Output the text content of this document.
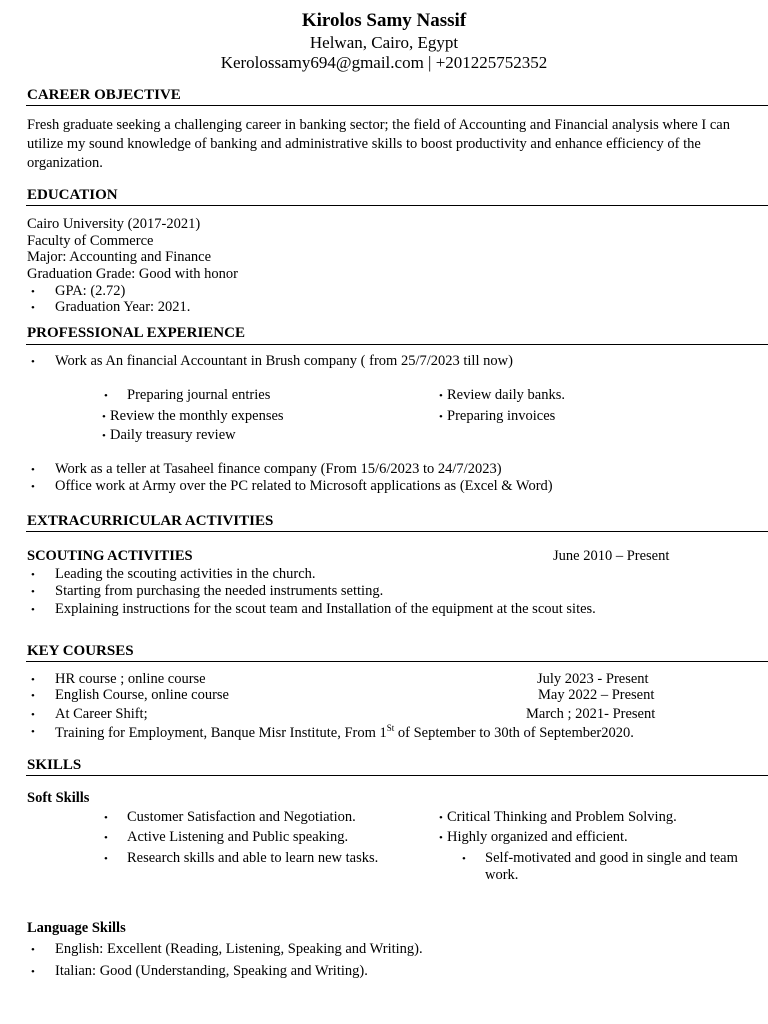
Kirolos Samy Nassif
Helwan, Cairo, Egypt
Kerolossamy694@gmail.com | +201225752352
CAREER OBJECTIVE
Fresh graduate seeking a challenging career in banking sector; the field of Accounting and Financial analysis where I can utilize my sound knowledge of banking and administrative skills to boost productivity and enhance efficiency of the organization.
EDUCATION
Cairo University (2017-2021)
Faculty of Commerce
Major: Accounting and Finance
Graduation Grade: Good with honor
• GPA: (2.72)
• Graduation Year: 2021.
PROFESSIONAL EXPERIENCE
• Work as An financial Accountant in Brush company ( from 25/7/2023 till now)
• Preparing journal entries
• Review the monthly expenses
• Daily treasury review
• Review daily banks.
• Preparing invoices
• Work as a teller at Tasaheel finance company (From 15/6/2023 to 24/7/2023)
• Office work at Army over the PC related to Microsoft applications as (Excel & Word)
EXTRACURRICULAR ACTIVITIES
SCOUTING ACTIVITIES	June 2010 – Present
• Leading the scouting activities in the church.
• Starting from purchasing the needed instruments setting.
• Explaining instructions for the scout team and Installation of the equipment at the scout sites.
KEY COURSES
• HR course ; online course	July 2023 - Present
• English Course, online course	May 2022 – Present
• At Career Shift;	March ; 2021- Present
• Training for Employment, Banque Misr Institute, From 1St of September to 30th of September2020.
SKILLS
Soft Skills
• Customer Satisfaction and Negotiation.
• Active Listening and Public speaking.
• Research skills and able to learn new tasks.
• Critical Thinking and Problem Solving.
• Highly organized and efficient.
• Self-motivated and good in single and team
work.
Language Skills
• English: Excellent (Reading, Listening, Speaking and Writing).
• Italian: Good (Understanding, Speaking and Writing).
